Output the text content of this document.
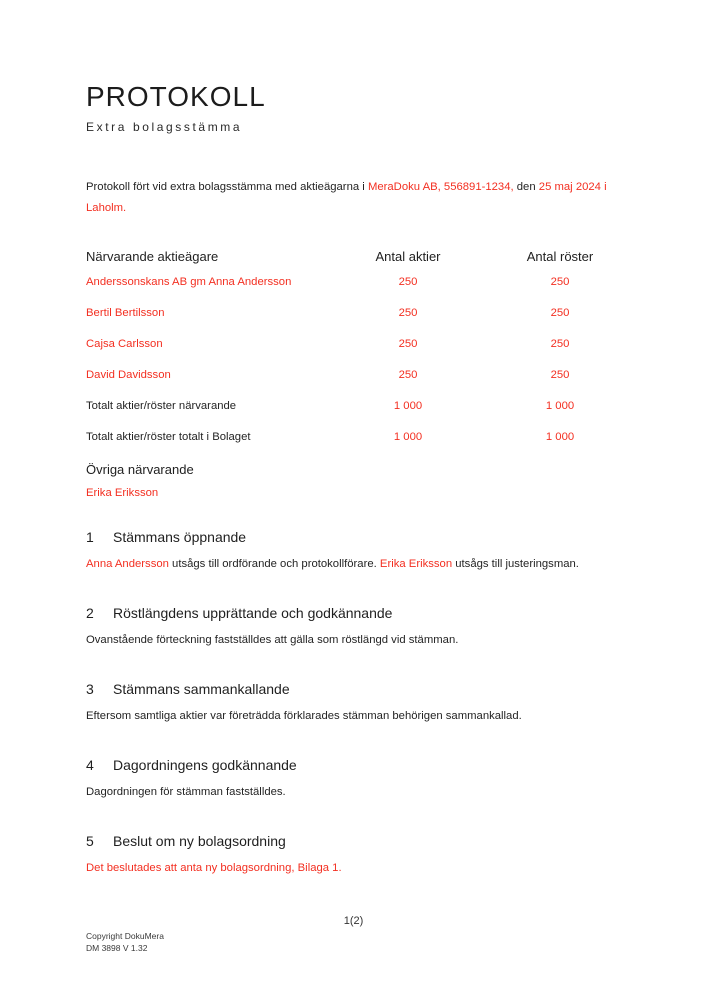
PROTOKOLL
Extra bolagsstämma

Protokoll fört vid extra bolagsstämma med aktieägarna i MeraDoku AB, 556891-1234, den 25 maj 2024 i Laholm.

Närvarande aktieägare	Antal aktier	Antal röster
Anderssonskans AB gm Anna Andersson	250	250
Bertil Bertilsson	250	250
Cajsa Carlsson	250	250
David Davidsson	250	250
Totalt aktier/röster närvarande	1 000	1 000
Totalt aktier/röster totalt i Bolaget	1 000	1 000
Övriga närvarande
Erika Eriksson
1 Stämmans öppnande

Anna Andersson utsågs till ordförande och protokollförare. Erika Eriksson utsågs till justeringsman.

2 Röstlängdens upprättande och godkännande

Ovanstående förteckning fastställdes att gälla som röstlängd vid stämman.

3 Stämmans sammankallande

Eftersom samtliga aktier var företrädda förklarades stämman behörigen sammankallad.

4 Dagordningens godkännande

Dagordningen för stämman fastställdes.

5 Beslut om ny bolagsordning

Det beslutades att anta ny bolagsordning, Bilaga 1.

1(2)
Copyright DokuMera
DM 3898 V 1.32
